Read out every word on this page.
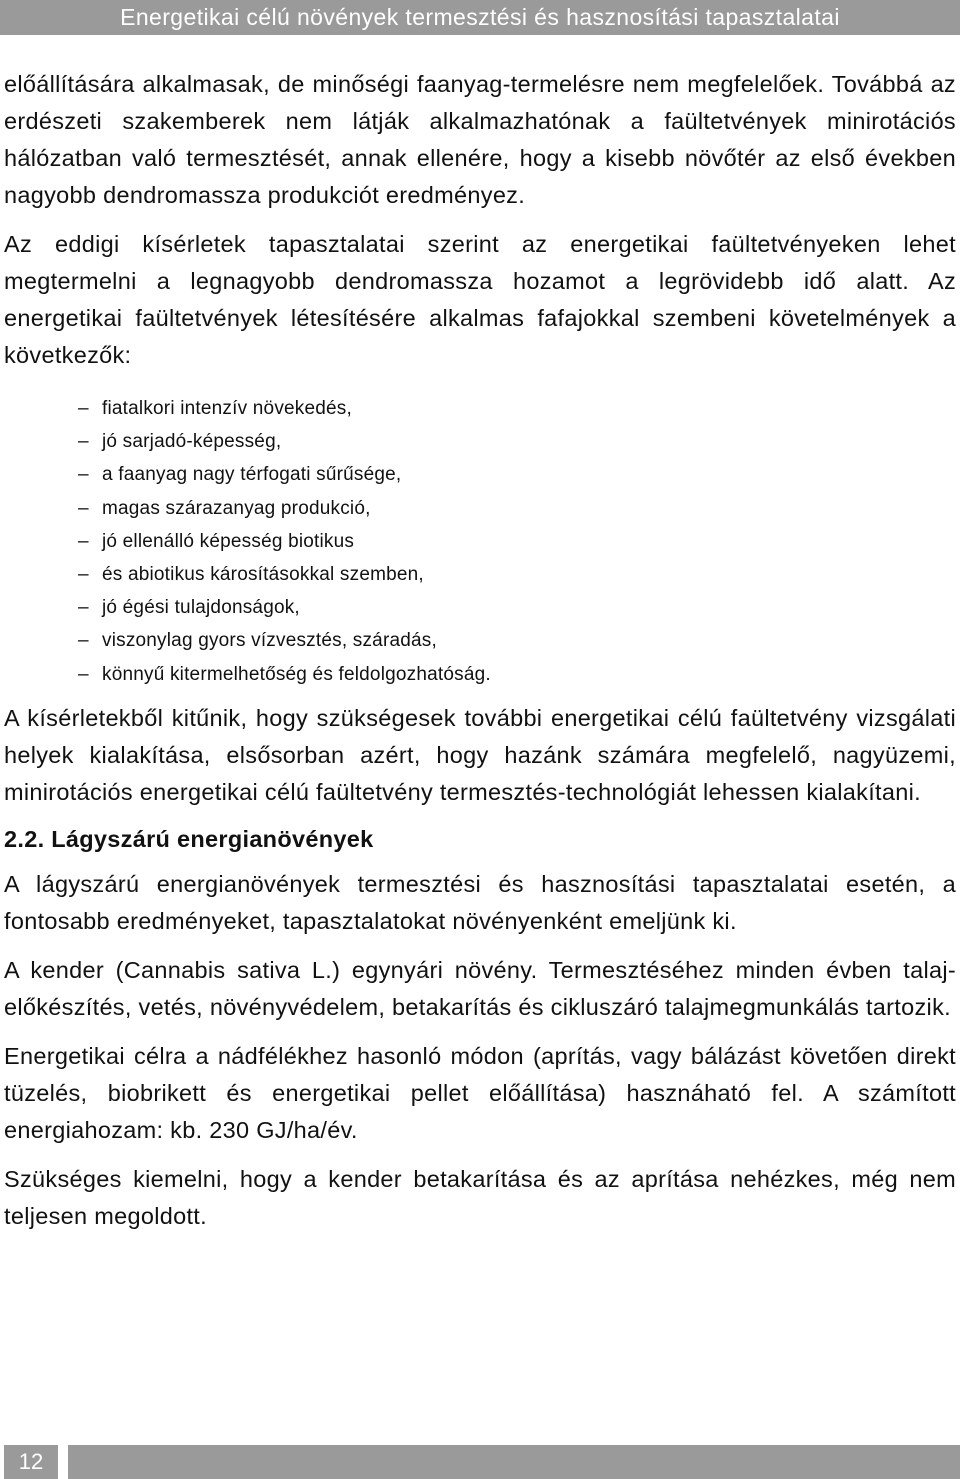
Energetikai célú növények termesztési és hasznosítási tapasztalatai

előállítására alkalmasak, de minőségi faanyag-termelésre nem megfelelőek. Továbbá az erdészeti szakemberek nem látják alkalmazhatónak a faültetvények minirotációs hálózatban való termesztését, annak ellenére, hogy a kisebb növőtér az első években nagyobb dendromassza produkciót eredményez.

Az eddigi kísérletek tapasztalatai szerint az energetikai faültetvényeken lehet megtermelni a legnagyobb dendromassza hozamot a legrövidebb idő alatt. Az energetikai faültetvények létesítésére alkalmas fafajokkal szembeni követelmények a következők:

– fiatalkori intenzív növekedés,
– jó sarjadó-képesség,
– a faanyag nagy térfogati sűrűsége,
– magas szárazanyag produkció,
– jó ellenálló képesség biotikus
– és abiotikus károsításokkal szemben,
– jó égési tulajdonságok,
– viszonylag gyors vízvesztés, száradás,
– könnyű kitermelhetőség és feldolgozhatóság.

A kísérletekből kitűnik, hogy szükségesek további energetikai célú faültetvény vizsgálati helyek kialakítása, elsősorban azért, hogy hazánk számára megfelelő, nagyüzemi, minirotációs energetikai célú faültetvény termesztés-technológiát lehessen kialakítani.

2.2. Lágyszárú energianövények

A lágyszárú energianövények termesztési és hasznosítási tapasztalatai esetén, a fontosabb eredményeket, tapasztalatokat növényenként emeljünk ki.

A kender (Cannabis sativa L.) egynyári növény. Termesztéséhez minden évben talaj-előkészítés, vetés, növényvédelem, betakarítás és cikluszáró talajmegmunkálás tartozik.

Energetikai célra a nádfélékhez hasonló módon (aprítás, vagy bálázást követően direkt tüzelés, biobrikett és energetikai pellet előállítása) hasznáható fel. A számított energiahozam: kb. 230 GJ/ha/év.

Szükséges kiemelni, hogy a kender betakarítása és az aprítása nehézkes, még nem teljesen megoldott.

12
